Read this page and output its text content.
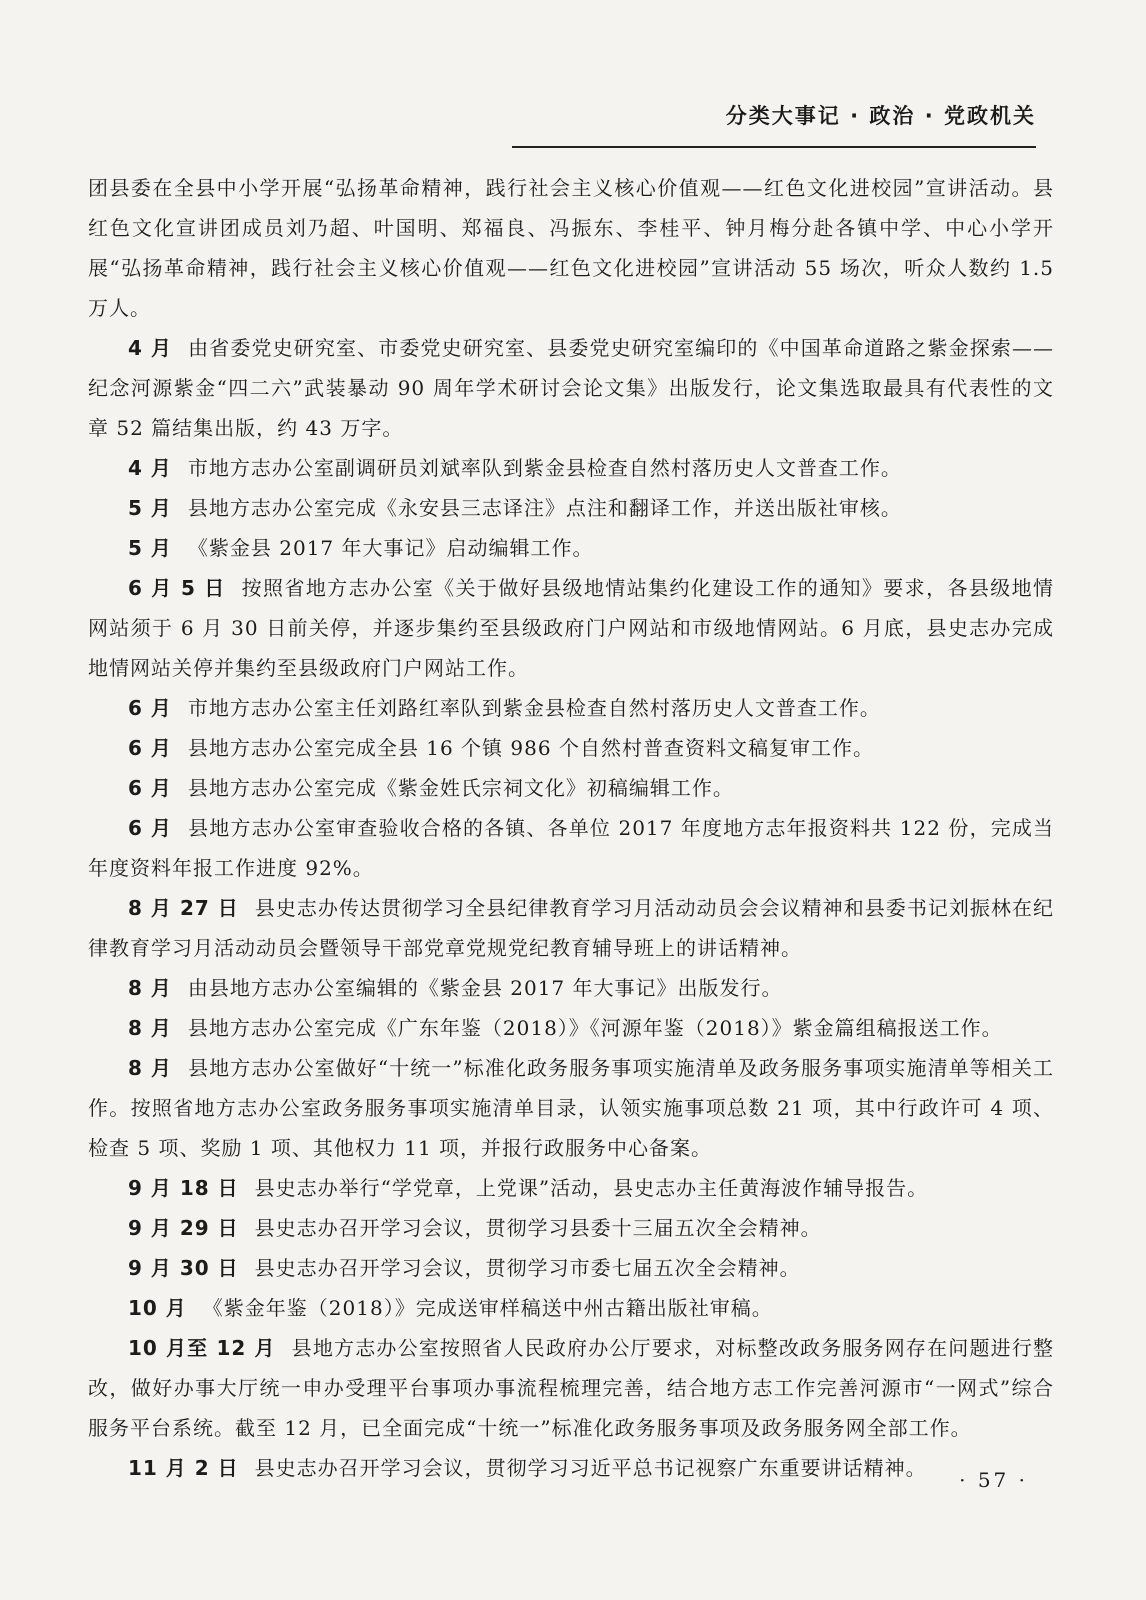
分类大事记 · 政治 · 党政机关

团县委在全县中小学开展“弘扬革命精神，践行社会主义核心价值观——红色文化进校园”宣讲活动。县红色文化宣讲团成员刘乃超、叶国明、郑福良、冯振东、李桂平、钟月梅分赴各镇中学、中心小学开展“弘扬革命精神，践行社会主义核心价值观——红色文化进校园”宣讲活动 55 场次，听众人数约 1.5 万人。

4 月 由省委党史研究室、市委党史研究室、县委党史研究室编印的《中国革命道路之紫金探索——纪念河源紫金“四二六”武装暴动 90 周年学术研讨会论文集》出版发行，论文集选取最具有代表性的文章 52 篇结集出版，约 43 万字。

4 月 市地方志办公室副调研员刘斌率队到紫金县检查自然村落历史人文普查工作。

5 月 县地方志办公室完成《永安县三志译注》点注和翻译工作，并送出版社审核。

5 月 《紫金县 2017 年大事记》启动编辑工作。

6 月 5 日 按照省地方志办公室《关于做好县级地情站集约化建设工作的通知》要求，各县级地情网站须于 6 月 30 日前关停，并逐步集约至县级政府门户网站和市级地情网站。6 月底，县史志办完成地情网站关停并集约至县级政府门户网站工作。

6 月 市地方志办公室主任刘路红率队到紫金县检查自然村落历史人文普查工作。

6 月 县地方志办公室完成全县 16 个镇 986 个自然村普查资料文稿复审工作。

6 月 县地方志办公室完成《紫金姓氏宗祠文化》初稿编辑工作。

6 月 县地方志办公室审查验收合格的各镇、各单位 2017 年度地方志年报资料共 122 份，完成当年度资料年报工作进度 92%。

8 月 27 日 县史志办传达贯彻学习全县纪律教育学习月活动动员会会议精神和县委书记刘振林在纪律教育学习月活动动员会暨领导干部党章党规党纪教育辅导班上的讲话精神。

8 月 由县地方志办公室编辑的《紫金县 2017 年大事记》出版发行。

8 月 县地方志办公室完成《广东年鉴（2018）》《河源年鉴（2018）》紫金篇组稿报送工作。

8 月 县地方志办公室做好“十统一”标准化政务服务事项实施清单及政务服务事项实施清单等相关工作。按照省地方志办公室政务服务事项实施清单目录，认领实施事项总数 21 项，其中行政许可 4 项、检查 5 项、奖励 1 项、其他权力 11 项，并报行政服务中心备案。

9 月 18 日 县史志办举行“学党章，上党课”活动，县史志办主任黄海波作辅导报告。

9 月 29 日 县史志办召开学习会议，贯彻学习县委十三届五次全会精神。

9 月 30 日 县史志办召开学习会议，贯彻学习市委七届五次全会精神。

10 月 《紫金年鉴（2018）》完成送审样稿送中州古籍出版社审稿。

10 月至 12 月 县地方志办公室按照省人民政府办公厅要求，对标整改政务服务网存在问题进行整改，做好办事大厅统一申办受理平台事项办事流程梳理完善，结合地方志工作完善河源市“一网式”综合服务平台系统。截至 12 月，已全面完成“十统一”标准化政务服务事项及政务服务网全部工作。

11 月 2 日 县史志办召开学习会议，贯彻学习习近平总书记视察广东重要讲话精神。	· 57 ·
